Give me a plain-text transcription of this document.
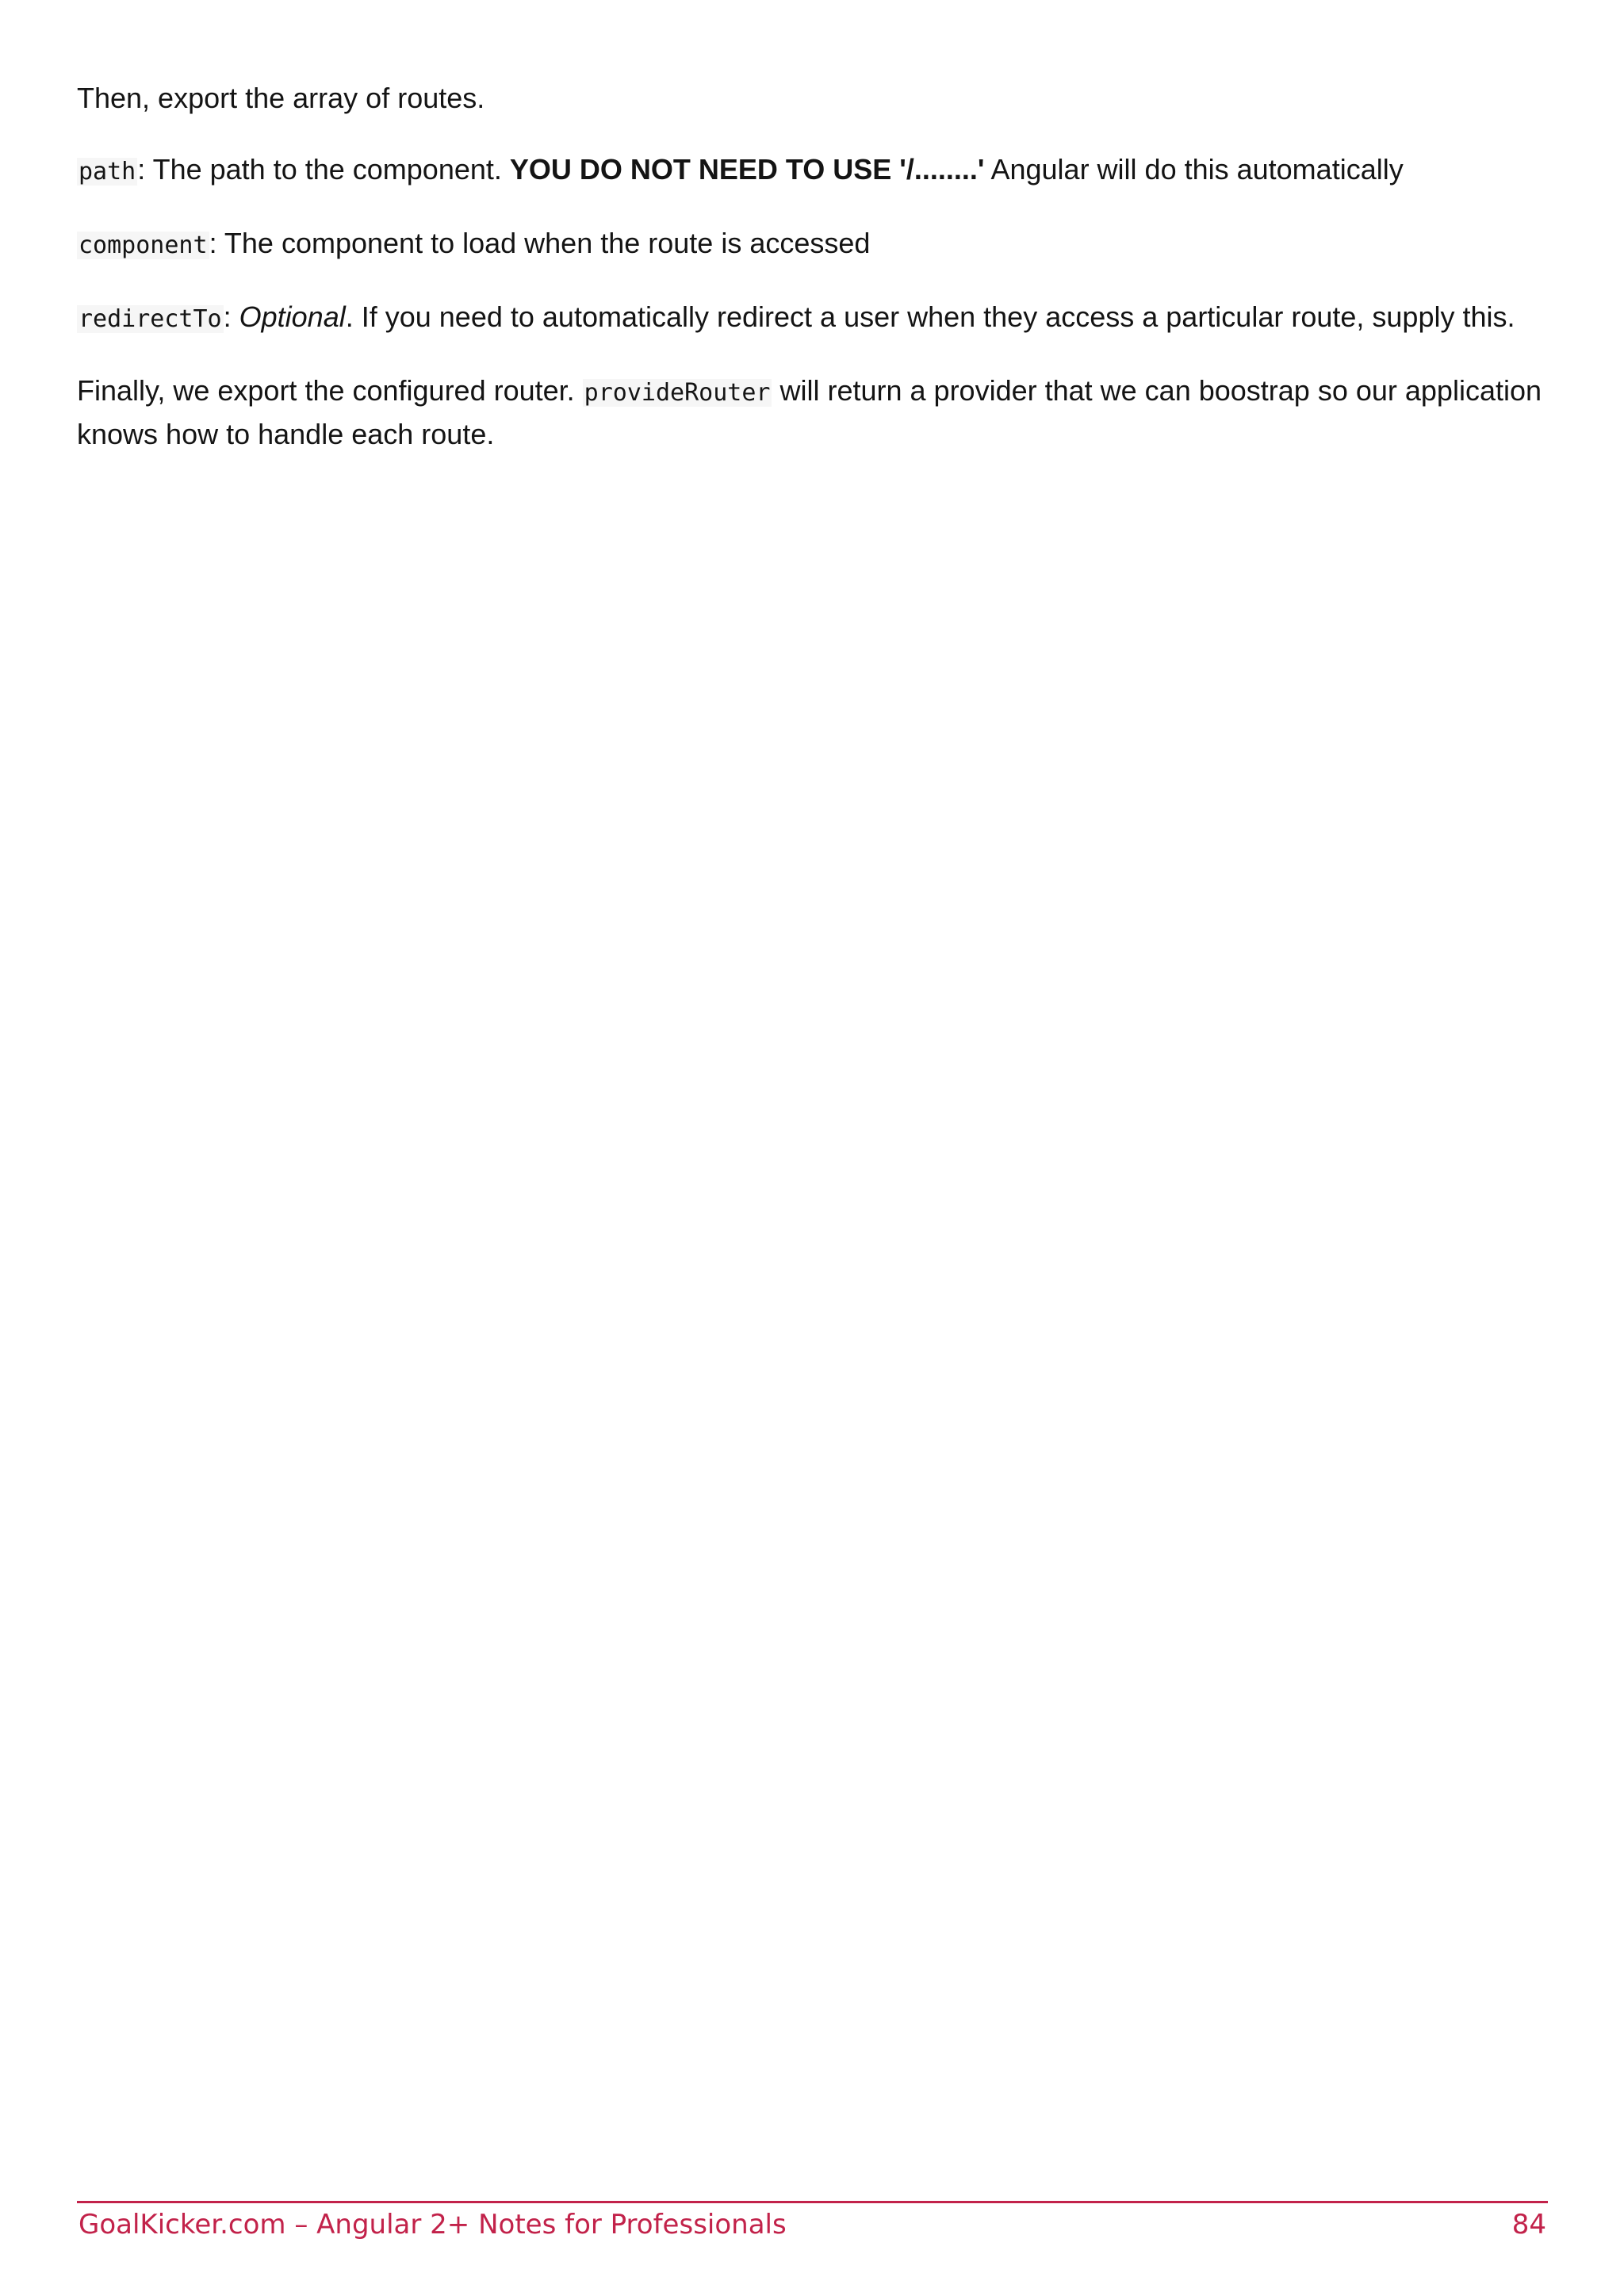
Then, export the array of routes.

path: The path to the component. YOU DO NOT NEED TO USE '/........' Angular will do this automatically

component: The component to load when the route is accessed

redirectTo: Optional. If you need to automatically redirect a user when they access a particular route, supply this.

Finally, we export the configured router. provideRouter will return a provider that we can boostrap so our application knows how to handle each route.

GoalKicker.com – Angular 2+ Notes for Professionals	84
